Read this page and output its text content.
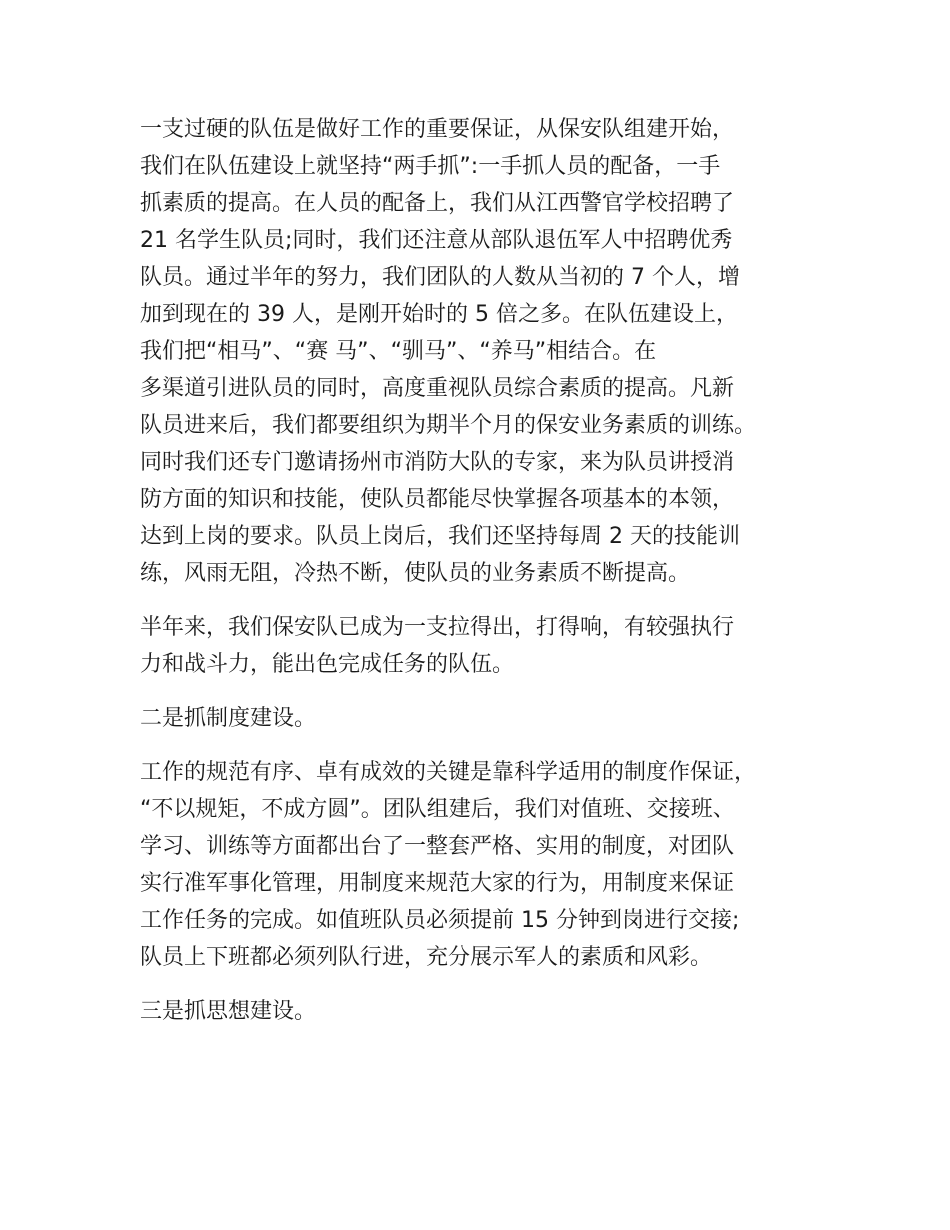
一支过硬的队伍是做好工作的重要保证，从保安队组建开始，
我们在队伍建设上就坚持“两手抓”:一手抓人员的配备，一手
抓素质的提高。在人员的配备上，我们从江西警官学校招聘了
21 名学生队员;同时，我们还注意从部队退伍军人中招聘优秀
队员。通过半年的努力，我们团队的人数从当初的 7 个人，增
加到现在的 39 人，是刚开始时的 5 倍之多。在队伍建设上，
我们把“相马”、“赛 马”、“驯马”、“养马”相结合。在
多渠道引进队员的同时，高度重视队员综合素质的提高。凡新
队员进来后，我们都要组织为期半个月的保安业务素质的训练。
同时我们还专门邀请扬州市消防大队的专家，来为队员讲授消
防方面的知识和技能，使队员都能尽快掌握各项基本的本领，
达到上岗的要求。队员上岗后，我们还坚持每周 2 天的技能训
练，风雨无阻，冷热不断，使队员的业务素质不断提高。

半年来，我们保安队已成为一支拉得出，打得响，有较强执行
力和战斗力，能出色完成任务的队伍。

二是抓制度建设。

工作的规范有序、卓有成效的关键是靠科学适用的制度作保证，
“不以规矩，不成方圆”。团队组建后，我们对值班、交接班、
学习、训练等方面都出台了一整套严格、实用的制度，对团队
实行准军事化管理，用制度来规范大家的行为，用制度来保证
工作任务的完成。如值班队员必须提前 15 分钟到岗进行交接;
队员上下班都必须列队行进，充分展示军人的素质和风彩。

三是抓思想建设。
